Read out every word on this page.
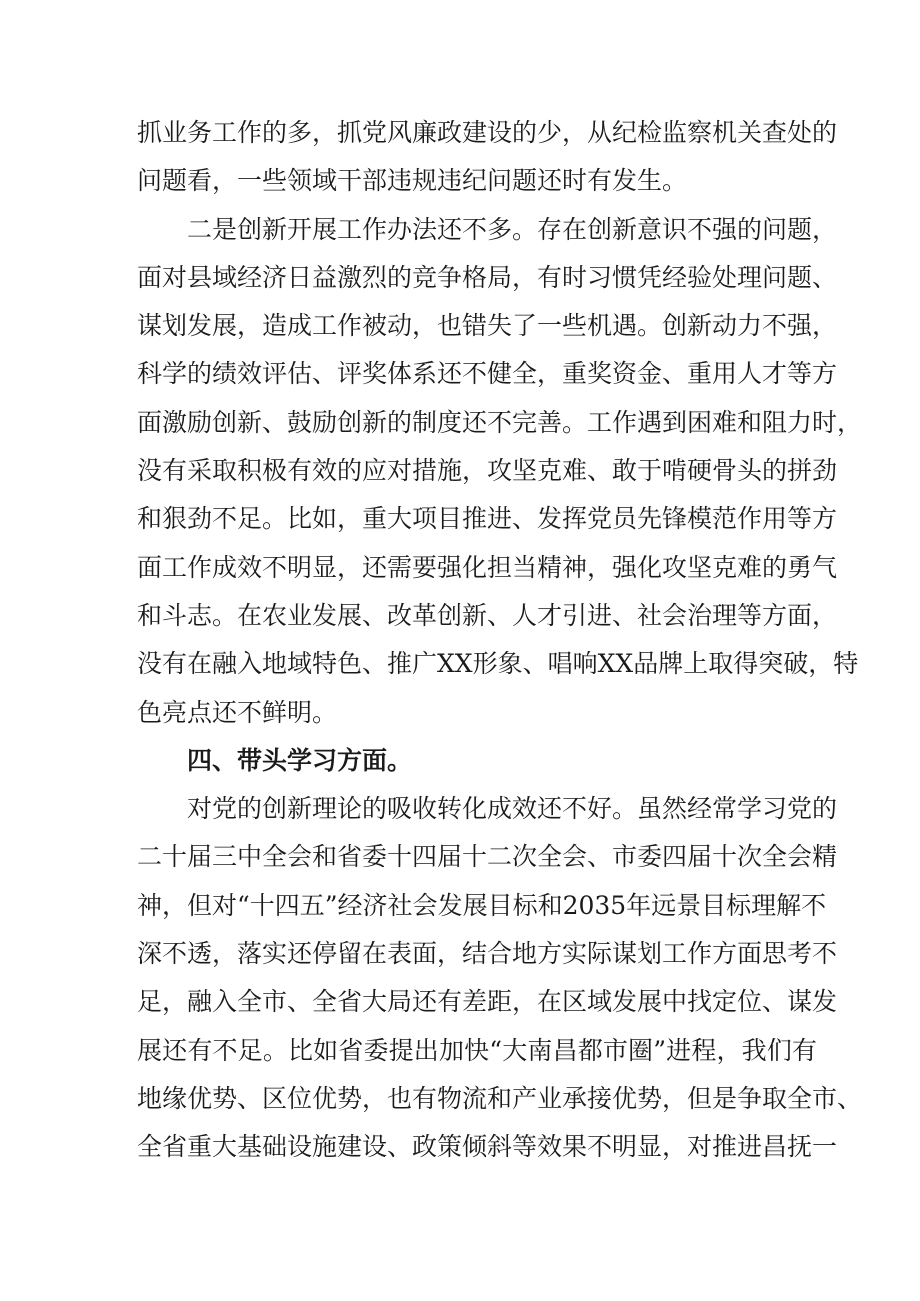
抓业务工作的多，抓党风廉政建设的少，从纪检监察机关查处的
问题看，一些领域干部违规违纪问题还时有发生。
二是创新开展工作办法还不多。存在创新意识不强的问题，
面对县域经济日益激烈的竞争格局，有时习惯凭经验处理问题、
谋划发展，造成工作被动，也错失了一些机遇。创新动力不强，
科学的绩效评估、评奖体系还不健全，重奖资金、重用人才等方
面激励创新、鼓励创新的制度还不完善。工作遇到困难和阻力时，
没有采取积极有效的应对措施，攻坚克难、敢于啃硬骨头的拼劲
和狠劲不足。比如，重大项目推进、发挥党员先锋模范作用等方
面工作成效不明显，还需要强化担当精神，强化攻坚克难的勇气
和斗志。在农业发展、改革创新、人才引进、社会治理等方面，
没有在融入地域特色、推广XX形象、唱响XX品牌上取得突破，特
色亮点还不鲜明。
四、带头学习方面。
对党的创新理论的吸收转化成效还不好。虽然经常学习党的
二十届三中全会和省委十四届十二次全会、市委四届十次全会精
神，但对“十四五”经济社会发展目标和2035年远景目标理解不
深不透，落实还停留在表面，结合地方实际谋划工作方面思考不
足，融入全市、全省大局还有差距，在区域发展中找定位、谋发
展还有不足。比如省委提出加快“大南昌都市圈”进程，我们有
地缘优势、区位优势，也有物流和产业承接优势，但是争取全市、
全省重大基础设施建设、政策倾斜等效果不明显，对推进昌抚一
